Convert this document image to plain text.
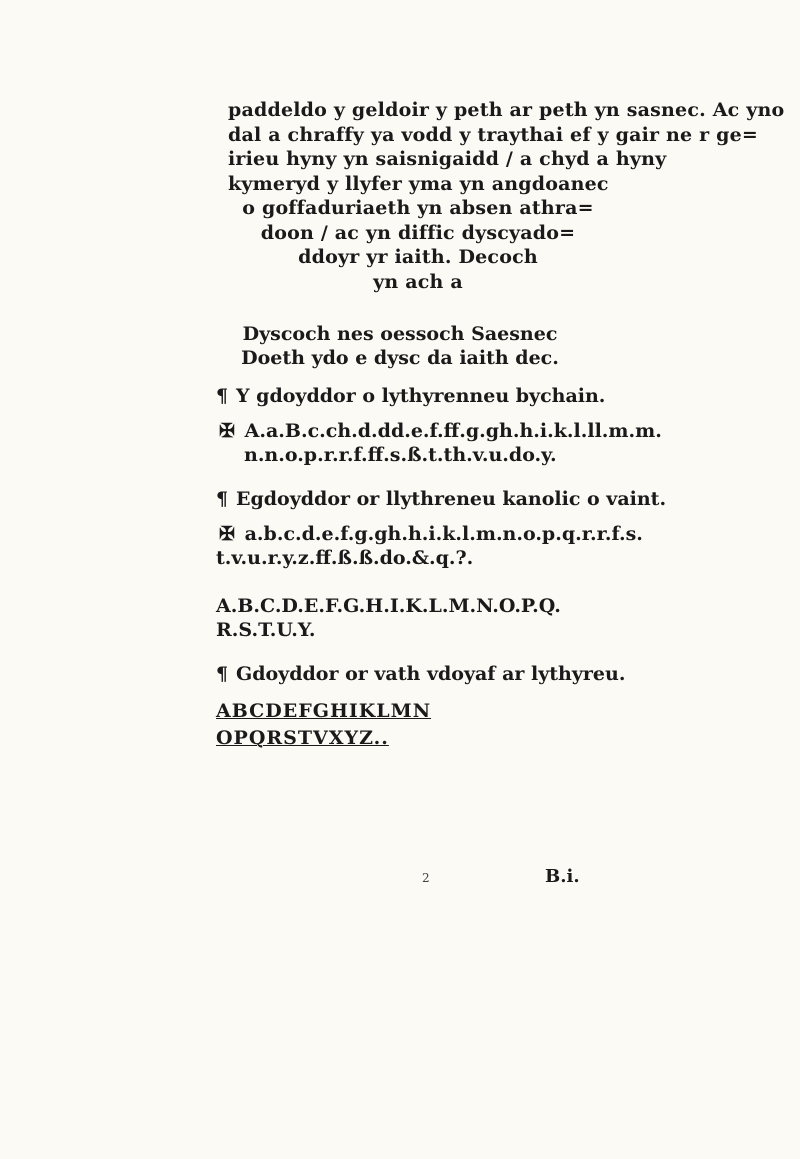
paddeldo y geldoir y peth ar peth yn sasnec. Ac yno
dal a chraffy ya vodd y traythai ef y gair ne r ge=
irieu hyny yn saisnigaidd / a chyd a hyny
kymeryd y llyfer yma yn angdoanec
o goffaduriaeth yn absen athra=
doon / ac yn diffic dyscyado=
ddoyr yr iaith. Decoch
yn ach a
Dyscoch nes oessoch Saesnec
Doeth ydo e dysc da iaith dec.
¶ Y gdoyddor o lythyrenneu bychain.
✠ A.a.B.c.ch.d.dd.e.f.ff.g.gh.h.i.k.l.ll.m.m.
n.n.o.p.r.r.f.ff.s.ß.t.th.v.u.do.y.
¶ Egdoyddor or llythreneu kanolic o vaint.
✠ a.b.c.d.e.f.g.gh.h.i.k.l.m.n.o.p.q.r.r.f.s.
t.v.u.r.y.z.ff.ß.ß.do.&.q.?.
A.B.C.D.E.F.G.H.I.K.L.M.N.O.P.Q.
R.S.T.U.Y.
¶ Gdoyddor or vath vdoyaf ar lythyreu.
ABCDEFGHIKLMN
OPQRSTVXYZ..
2	B.i.
